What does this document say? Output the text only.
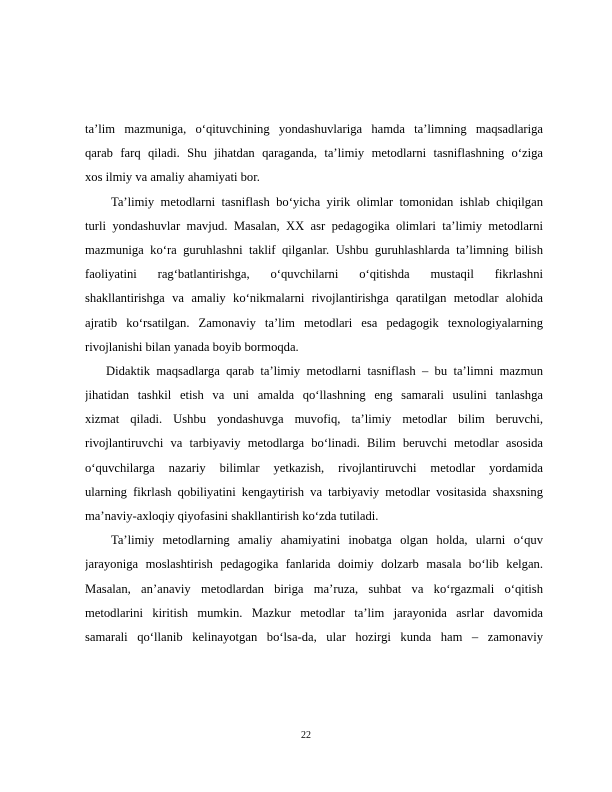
ta’lim mazmuniga, o‘qituvchining yondashuvlariga hamda ta’limning maqsadlariga
qarab farq qiladi. Shu jihatdan qaraganda, ta’limiy metodlarni tasniflashning o‘ziga
xos ilmiy va amaliy ahamiyati bor.
Ta’limiy metodlarni tasniflash bo‘yicha yirik olimlar tomonidan ishlab chiqilgan
turli yondashuvlar mavjud. Masalan, XX asr pedagogika olimlari ta’limiy metodlarni
mazmuniga ko‘ra guruhlashni taklif qilganlar. Ushbu guruhlashlarda ta’limning bilish
faoliyatini rag‘batlantirishga, o‘quvchilarni o‘qitishda mustaqil fikrlashni
shakllantirishga va amaliy ko‘nikmalarni rivojlantirishga qaratilgan metodlar alohida
ajratib ko‘rsatilgan. Zamonaviy ta’lim metodlari esa pedagogik texnologiyalarning
rivojlanishi bilan yanada boyib bormoqda.
Didaktik maqsadlarga qarab ta’limiy metodlarni tasniflash – bu ta’limni mazmun
jihatidan tashkil etish va uni amalda qo‘llashning eng samarali usulini tanlashga
xizmat qiladi. Ushbu yondashuvga muvofiq, ta’limiy metodlar bilim beruvchi,
rivojlantiruvchi va tarbiyaviy metodlarga bo‘linadi. Bilim beruvchi metodlar asosida
o‘quvchilarga nazariy bilimlar yetkazish, rivojlantiruvchi metodlar yordamida
ularning fikrlash qobiliyatini kengaytirish va tarbiyaviy metodlar vositasida shaxsning
ma’naviy-axloqiy qiyofasini shakllantirish ko‘zda tutiladi.
Ta’limiy metodlarning amaliy ahamiyatini inobatga olgan holda, ularni o‘quv
jarayoniga moslashtirish pedagogika fanlarida doimiy dolzarb masala bo‘lib kelgan.
Masalan, an’anaviy metodlardan biriga ma’ruza, suhbat va ko‘rgazmali o‘qitish
metodlarini kiritish mumkin. Mazkur metodlar ta’lim jarayonida asrlar davomida
samarali qo‘llanib kelinayotgan bo‘lsa-da, ular hozirgi kunda ham – zamonaviy
22
